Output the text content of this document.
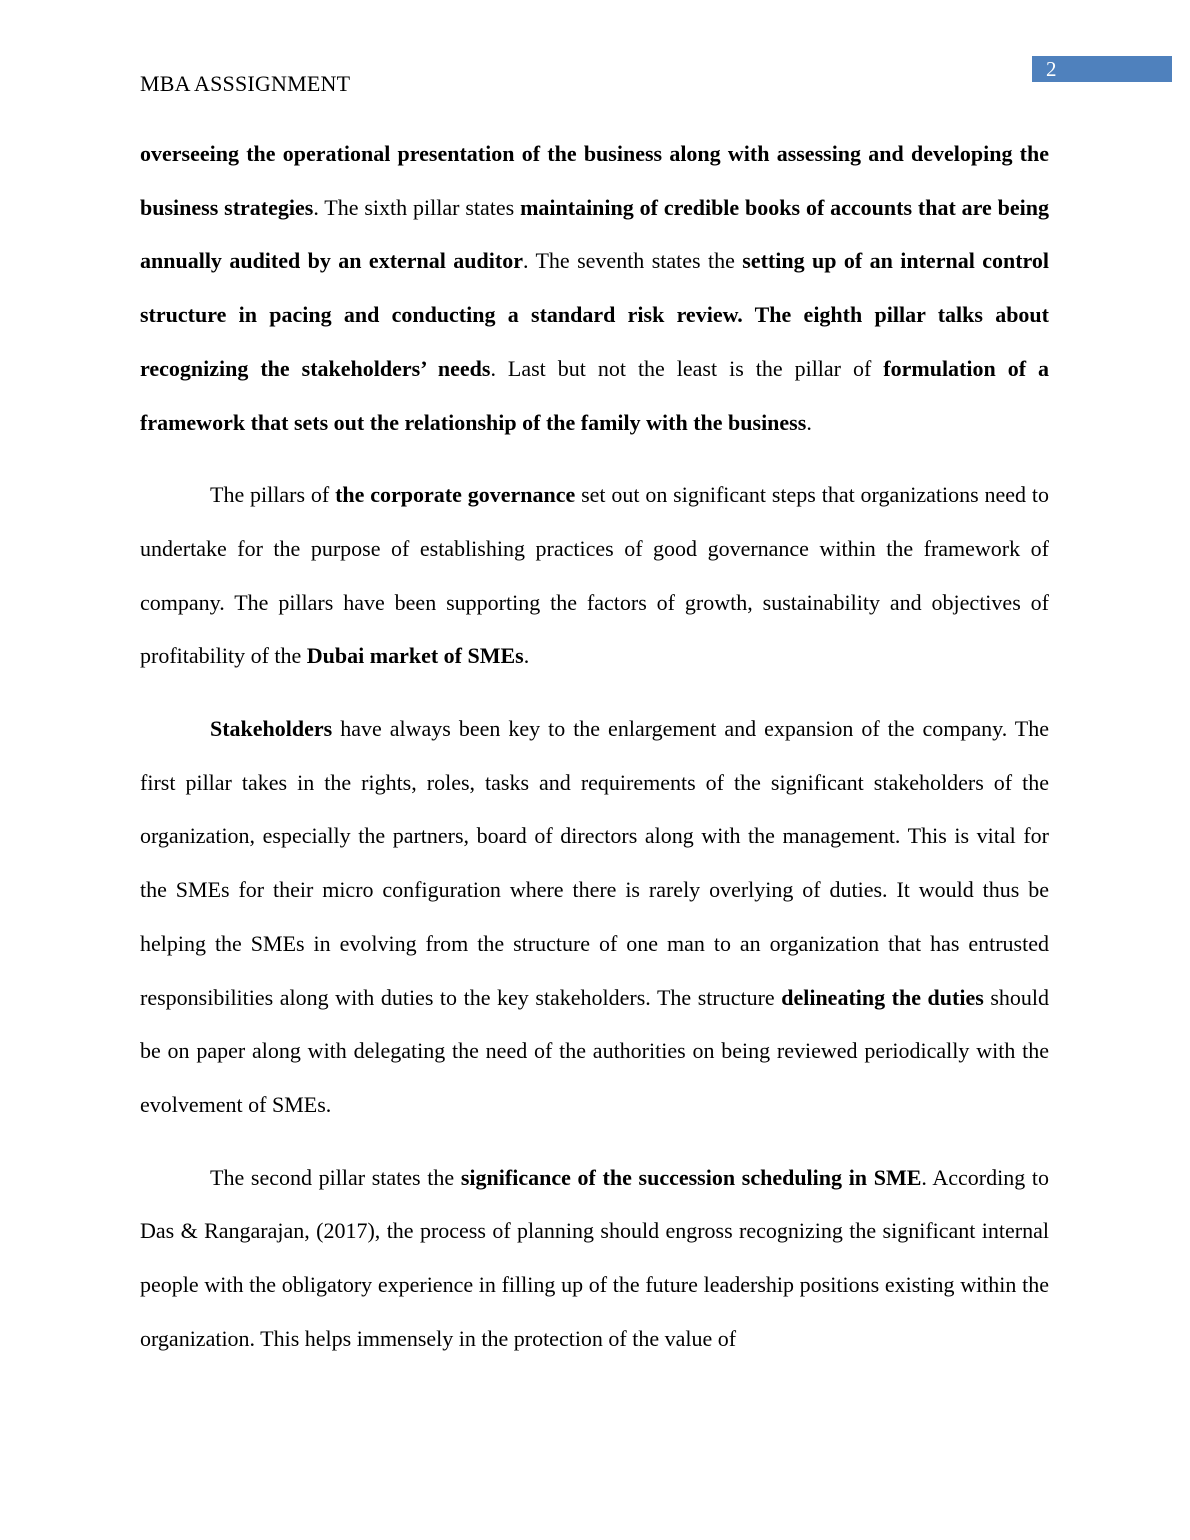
2
MBA ASSSIGNMENT

overseeing the operational presentation of the business along with assessing and developing the business strategies. The sixth pillar states maintaining of credible books of accounts that are being annually audited by an external auditor. The seventh states the setting up of an internal control structure in pacing and conducting a standard risk review. The eighth pillar talks about recognizing the stakeholders’ needs. Last but not the least is the pillar of formulation of a framework that sets out the relationship of the family with the business.

The pillars of the corporate governance set out on significant steps that organizations need to undertake for the purpose of establishing practices of good governance within the framework of company. The pillars have been supporting the factors of growth, sustainability and objectives of profitability of the Dubai market of SMEs.

Stakeholders have always been key to the enlargement and expansion of the company. The first pillar takes in the rights, roles, tasks and requirements of the significant stakeholders of the organization, especially the partners, board of directors along with the management. This is vital for the SMEs for their micro configuration where there is rarely overlying of duties. It would thus be helping the SMEs in evolving from the structure of one man to an organization that has entrusted responsibilities along with duties to the key stakeholders. The structure delineating the duties should be on paper along with delegating the need of the authorities on being reviewed periodically with the evolvement of SMEs.

The second pillar states the significance of the succession scheduling in SME. According to Das & Rangarajan, (2017), the process of planning should engross recognizing the significant internal people with the obligatory experience in filling up of the future leadership positions existing within the organization. This helps immensely in the protection of the value of
